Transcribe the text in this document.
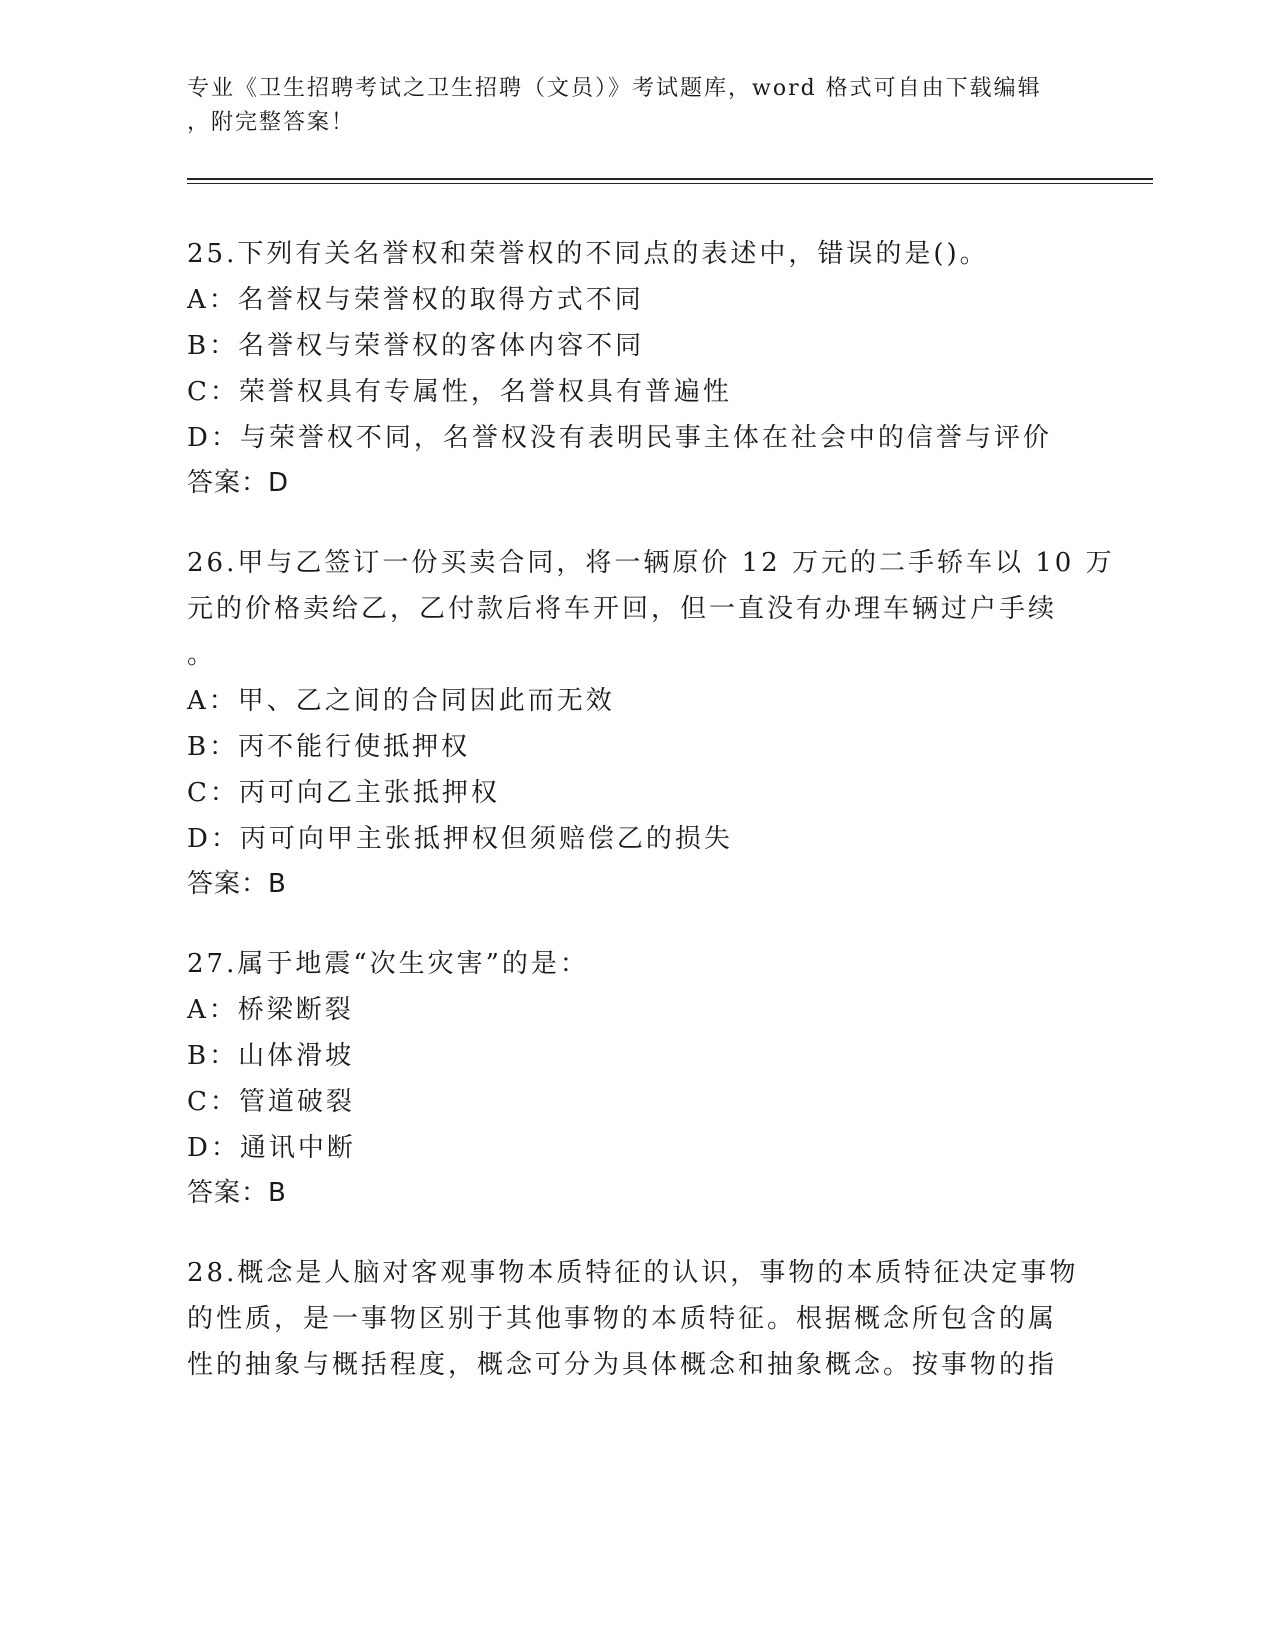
专业《卫生招聘考试之卫生招聘（文员）》考试题库，word 格式可自由下载编辑
，附完整答案！
25.下列有关名誉权和荣誉权的不同点的表述中，错误的是()。
A：名誉权与荣誉权的取得方式不同
B：名誉权与荣誉权的客体内容不同
C：荣誉权具有专属性，名誉权具有普遍性
D：与荣誉权不同，名誉权没有表明民事主体在社会中的信誉与评价
答案：D
26.甲与乙签订一份买卖合同，将一辆原价 12 万元的二手轿车以 10 万
元的价格卖给乙，乙付款后将车开回，但一直没有办理车辆过户手续
。
A：甲、乙之间的合同因此而无效
B：丙不能行使抵押权
C：丙可向乙主张抵押权
D：丙可向甲主张抵押权但须赔偿乙的损失
答案：B
27.属于地震“次生灾害”的是：
A：桥梁断裂
B：山体滑坡
C：管道破裂
D：通讯中断
答案：B
28.概念是人脑对客观事物本质特征的认识，事物的本质特征决定事物
的性质，是一事物区别于其他事物的本质特征。根据概念所包含的属
性的抽象与概括程度，概念可分为具体概念和抽象概念。按事物的指
